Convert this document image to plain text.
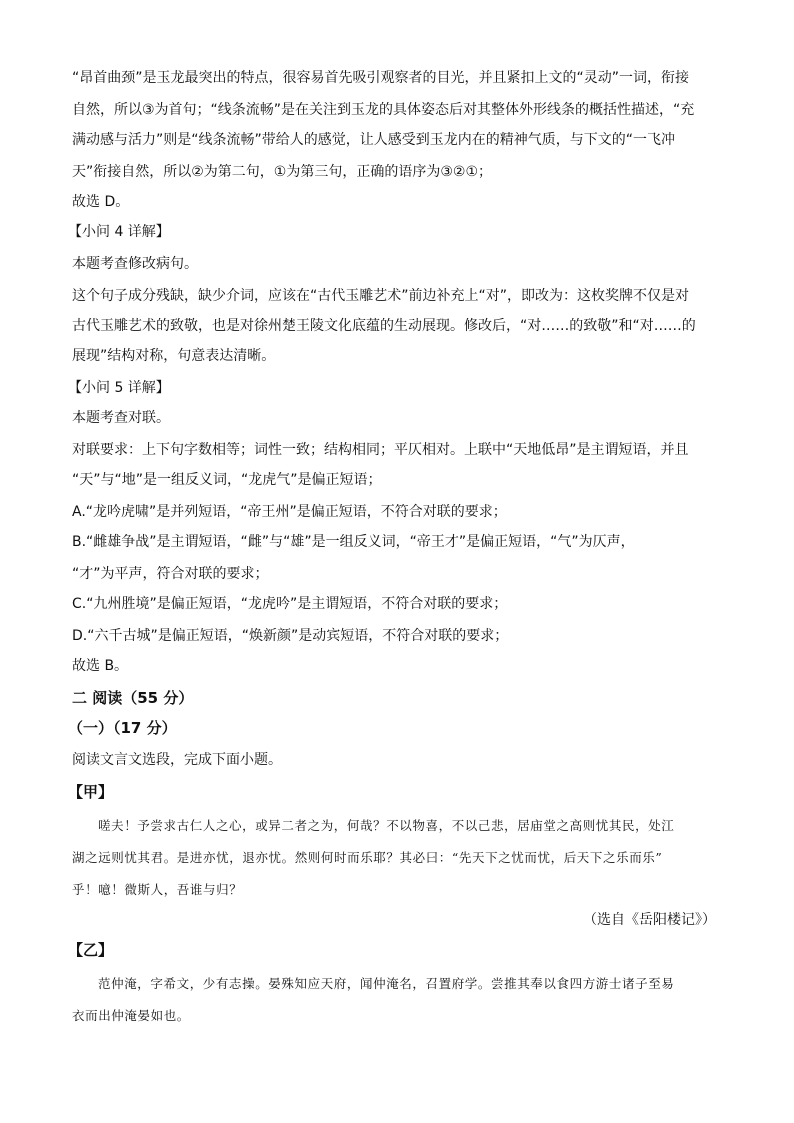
“昂首曲颈”是玉龙最突出的特点，很容易首先吸引观察者的目光，并且紧扣上文的“灵动”一词，衔接
自然，所以③为首句；“线条流畅”是在关注到玉龙的具体姿态后对其整体外形线条的概括性描述，“充
满动感与活力”则是“线条流畅”带给人的感觉，让人感受到玉龙内在的精神气质，与下文的“一飞冲
天”衔接自然，所以②为第二句，①为第三句，正确的语序为③②①；
故选 D。
【小问 4 详解】
本题考查修改病句。
这个句子成分残缺，缺少介词，应该在“古代玉雕艺术”前边补充上“对”，即改为：这枚奖牌不仅是对
古代玉雕艺术的致敬，也是对徐州楚王陵文化底蕴的生动展现。修改后，“对……的致敬”和“对……的
展现”结构对称，句意表达清晰。
【小问 5 详解】
本题考查对联。
对联要求：上下句字数相等；词性一致；结构相同；平仄相对。上联中“天地低昂”是主谓短语，并且
“天”与“地”是一组反义词，“龙虎气”是偏正短语；
A.“龙吟虎啸”是并列短语，“帝王州”是偏正短语，不符合对联的要求；
B.“雌雄争战”是主谓短语，“雌”与“雄”是一组反义词，“帝王才”是偏正短语，“气”为仄声，
“才”为平声，符合对联的要求；
C.“九州胜境”是偏正短语，“龙虎吟”是主谓短语，不符合对联的要求；
D.“六千古城”是偏正短语，“焕新颜”是动宾短语，不符合对联的要求；
故选 B。
二 阅读（55 分）
（一）（17 分）
阅读文言文选段，完成下面小题。
【甲】
嗟夫！予尝求古仁人之心，或异二者之为，何哉？不以物喜，不以己悲，居庙堂之高则忧其民，处江
湖之远则忧其君。是进亦忧，退亦忧。然则何时而乐耶？其必曰：“先天下之忧而忧，后天下之乐而乐”
乎！噫！微斯人，吾谁与归？
（选自《岳阳楼记》）
【乙】
范仲淹，字希文，少有志操。晏殊知应天府，闻仲淹名，召置府学。尝推其奉以食四方游士诸子至易
衣而出仲淹晏如也。
